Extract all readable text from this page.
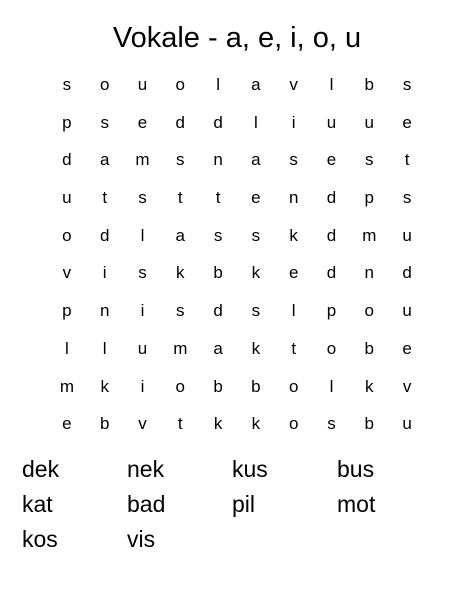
Vokale - a, e, i, o, u
s	o	u	o	l	a	v	l	b	s
p	s	e	d	d	l	i	u	u	e
d	a	m	s	n	a	s	e	s	t
u	t	s	t	t	e	n	d	p	s
o	d	l	a	s	s	k	d	m	u
v	i	s	k	b	k	e	d	n	d
p	n	i	s	d	s	l	p	o	u
l	l	u	m	a	k	t	o	b	e
m	k	i	o	b	b	o	l	k	v
e	b	v	t	k	k	o	s	b	u
dek	nek	kus	bus
kat	bad	pil	mot
kos	vis
